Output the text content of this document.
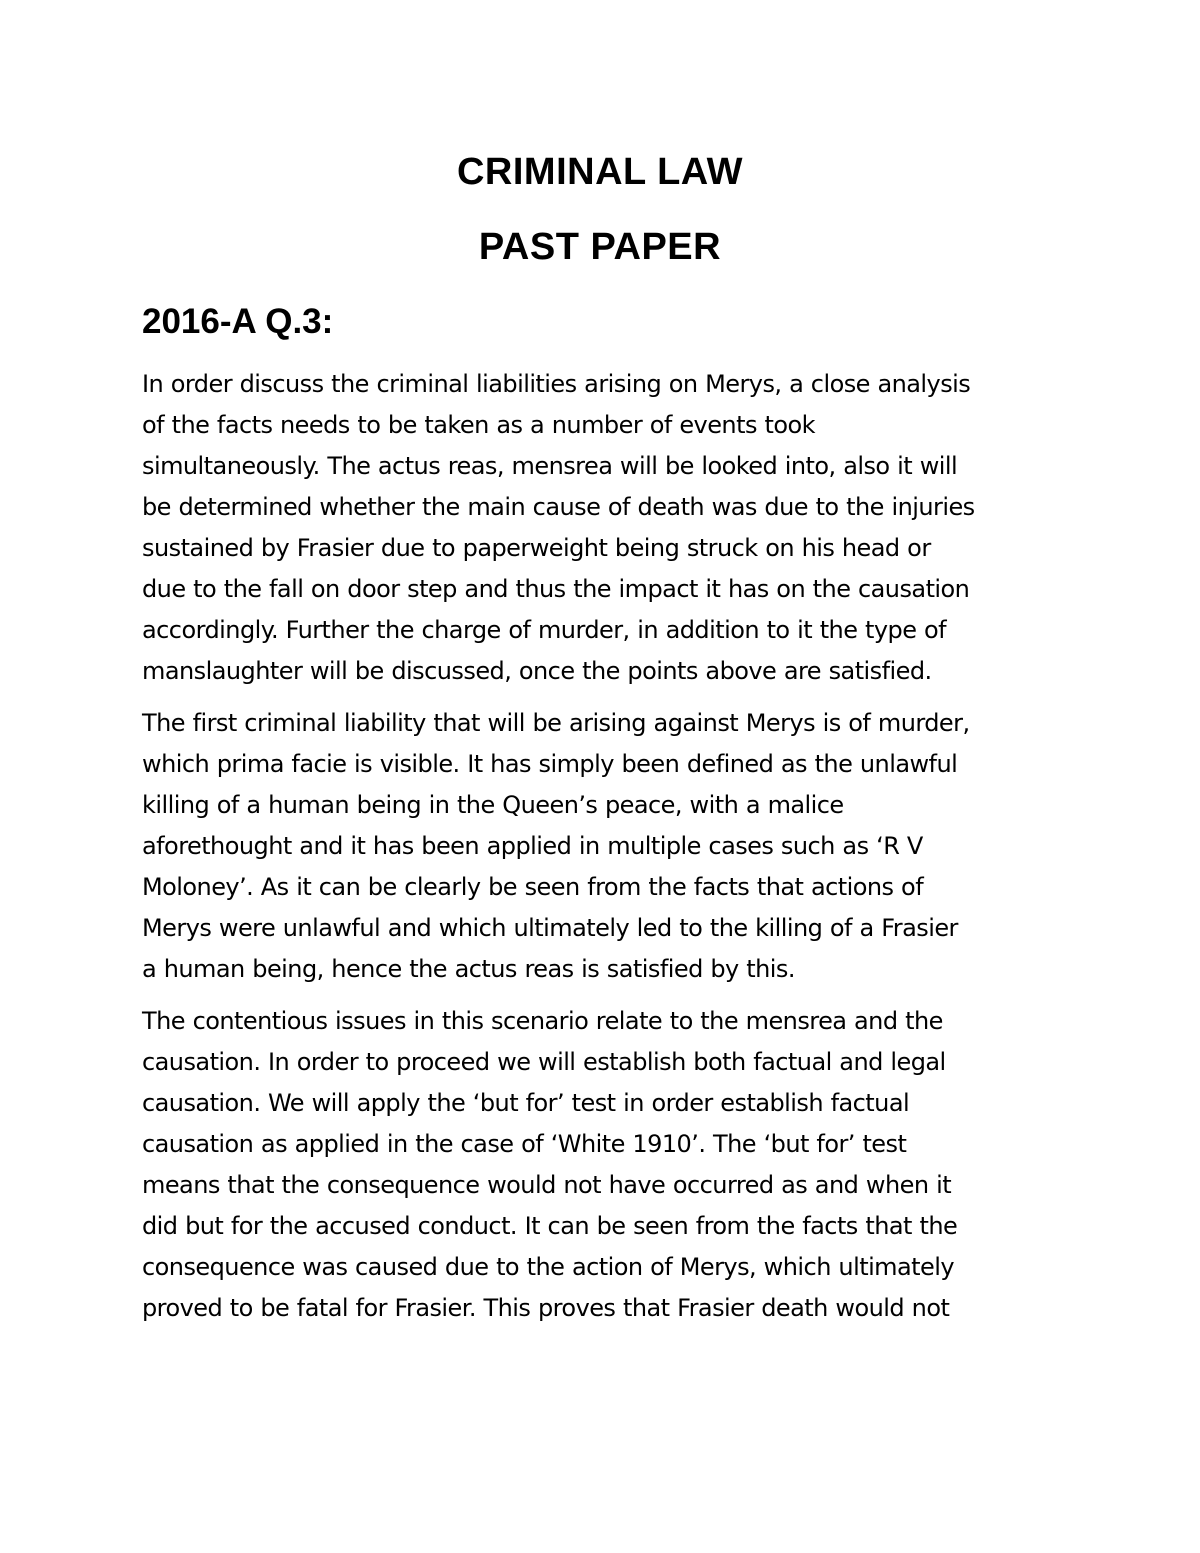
CRIMINAL LAW
PAST PAPER
2016-A Q.3:

In order discuss the criminal liabilities arising on Merys, a close analysis
of the facts needs to be taken as a number of events took
simultaneously. The actus reas, mensrea will be looked into, also it will
be determined whether the main cause of death was due to the injuries
sustained by Frasier due to paperweight being struck on his head or
due to the fall on door step and thus the impact it has on the causation
accordingly. Further the charge of murder, in addition to it the type of
manslaughter will be discussed, once the points above are satisfied.

The first criminal liability that will be arising against Merys is of murder,
which prima facie is visible. It has simply been defined as the unlawful
killing of a human being in the Queen’s peace, with a malice
aforethought and it has been applied in multiple cases such as ‘R V
Moloney’. As it can be clearly be seen from the facts that actions of
Merys were unlawful and which ultimately led to the killing of a Frasier
a human being, hence the actus reas is satisfied by this.

The contentious issues in this scenario relate to the mensrea and the
causation. In order to proceed we will establish both factual and legal
causation. We will apply the ‘but for’ test in order establish factual
causation as applied in the case of ‘White 1910’. The ‘but for’ test
means that the consequence would not have occurred as and when it
did but for the accused conduct. It can be seen from the facts that the
consequence was caused due to the action of Merys, which ultimately
proved to be fatal for Frasier. This proves that Frasier death would not
